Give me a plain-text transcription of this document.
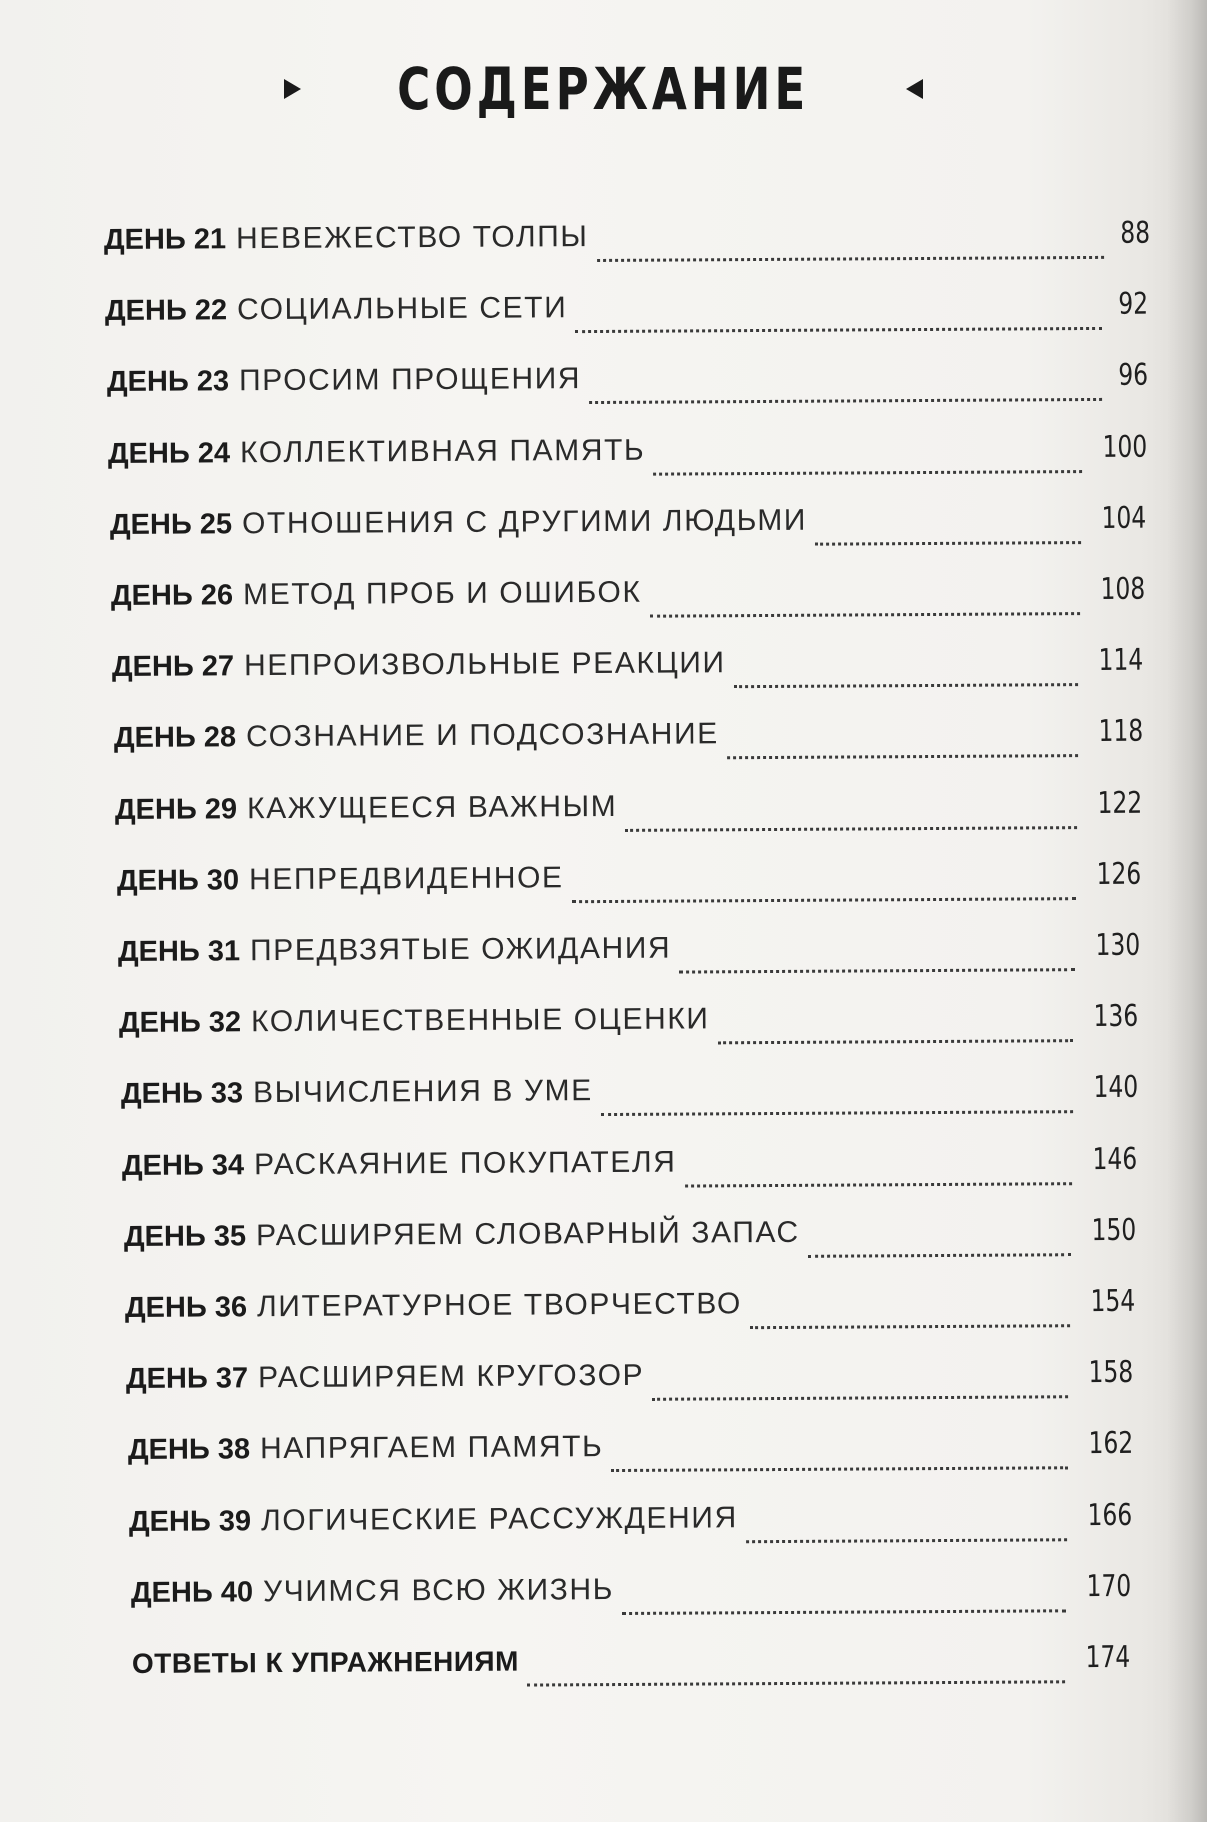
СОДЕРЖАНИЕ
ДЕНЬ 21 НЕВЕЖЕСТВО ТОЛПЫ	88
ДЕНЬ 22 СОЦИАЛЬНЫЕ СЕТИ	92
ДЕНЬ 23 ПРОСИМ ПРОЩЕНИЯ	96
ДЕНЬ 24 КОЛЛЕКТИВНАЯ ПАМЯТЬ	100
ДЕНЬ 25 ОТНОШЕНИЯ С ДРУГИМИ ЛЮДЬМИ	104
ДЕНЬ 26 МЕТОД ПРОБ И ОШИБОК	108
ДЕНЬ 27 НЕПРОИЗВОЛЬНЫЕ РЕАКЦИИ	114
ДЕНЬ 28 СОЗНАНИЕ И ПОДСОЗНАНИЕ	118
ДЕНЬ 29 КАЖУЩЕЕСЯ ВАЖНЫМ	122
ДЕНЬ 30 НЕПРЕДВИДЕННОЕ	126
ДЕНЬ 31 ПРЕДВЗЯТЫЕ ОЖИДАНИЯ	130
ДЕНЬ 32 КОЛИЧЕСТВЕННЫЕ ОЦЕНКИ	136
ДЕНЬ 33 ВЫЧИСЛЕНИЯ В УМЕ	140
ДЕНЬ 34 РАСКАЯНИЕ ПОКУПАТЕЛЯ	146
ДЕНЬ 35 РАСШИРЯЕМ СЛОВАРНЫЙ ЗАПАС	150
ДЕНЬ 36 ЛИТЕРАТУРНОЕ ТВОРЧЕСТВО	154
ДЕНЬ 37 РАСШИРЯЕМ КРУГОЗОР	158
ДЕНЬ 38 НАПРЯГАЕМ ПАМЯТЬ	162
ДЕНЬ 39 ЛОГИЧЕСКИЕ РАССУЖДЕНИЯ	166
ДЕНЬ 40 УЧИМСЯ ВСЮ ЖИЗНЬ	170
ОТВЕТЫ К УПРАЖНЕНИЯМ	174
